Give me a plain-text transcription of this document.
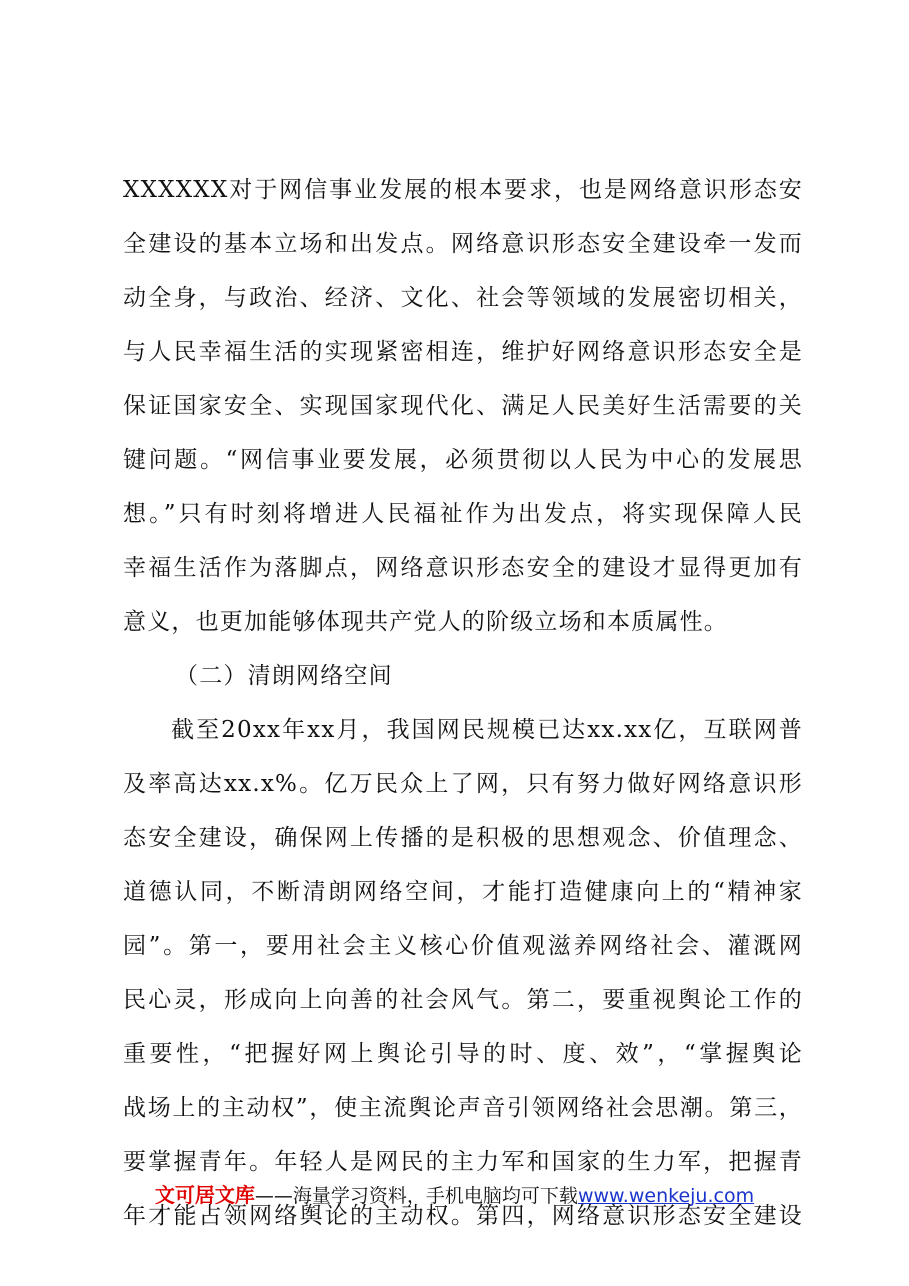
XXXXXX对于网信事业发展的根本要求，也是网络意识形态安
全建设的基本立场和出发点。网络意识形态安全建设牵一发而
动全身，与政治、经济、文化、社会等领域的发展密切相关，
与人民幸福生活的实现紧密相连，维护好网络意识形态安全是
保证国家安全、实现国家现代化、满足人民美好生活需要的关
键问题。“网信事业要发展，必须贯彻以人民为中心的发展思
想。”只有时刻将增进人民福祉作为出发点，将实现保障人民
幸福生活作为落脚点，网络意识形态安全的建设才显得更加有
意义，也更加能够体现共产党人的阶级立场和本质属性。
（二）清朗网络空间
截至20xx年xx月，我国网民规模已达xx.xx亿，互联网普
及率高达xx.x%。亿万民众上了网，只有努力做好网络意识形
态安全建设，确保网上传播的是积极的思想观念、价值理念、
道德认同，不断清朗网络空间，才能打造健康向上的“精神家
园”。第一，要用社会主义核心价值观滋养网络社会、灌溉网
民心灵，形成向上向善的社会风气。第二，要重视舆论工作的
重要性，“把握好网上舆论引导的时、度、效”，“掌握舆论
战场上的主动权”，使主流舆论声音引领网络社会思潮。第三，
要掌握青年。年轻人是网民的主力军和国家的生力军，把握青
年才能占领网络舆论的主动权。第四，网络意识形态安全建设
文可居文库——海量学习资料，手机电脑均可下载www.wenkeju.com
